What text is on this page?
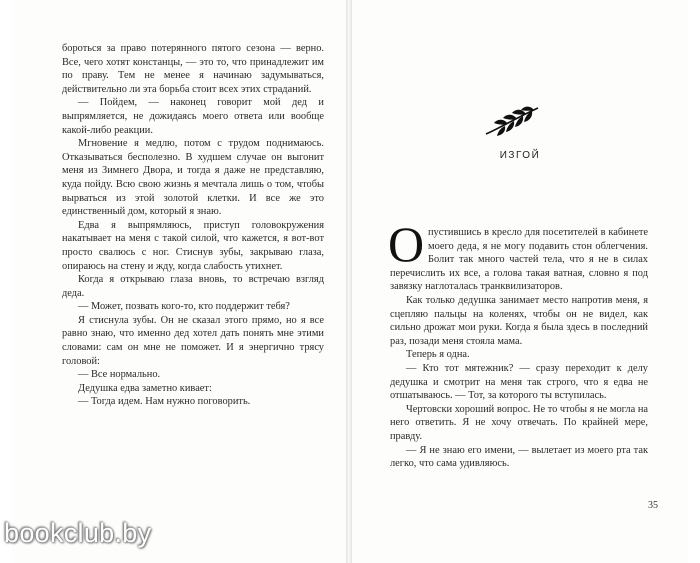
бороться за право потерянного пятого сезона — верно. Все, чего хотят констанцы, — это то, что принадлежит им по праву. Тем не менее я начинаю задумываться, действительно ли эта борьба стоит всех этих страданий.

— Пойдем, — наконец говорит мой дед и выпрямляется, не дожидаясь моего ответа или вообще какой-либо реакции.

Мгновение я медлю, потом с трудом поднимаюсь. Отказываться бесполезно. В худшем случае он выгонит меня из Зимнего Двора, и тогда я даже не представляю, куда пойду. Всю свою жизнь я мечтала лишь о том, чтобы вырваться из этой золотой клетки. И все же это единственный дом, который я знаю.

Едва я выпрямляюсь, приступ головокружения накатывает на меня с такой силой, что кажется, я вот-вот просто свалюсь с ног. Стиснув зубы, закрываю глаза, опираюсь на стену и жду, когда слабость утихнет.

Когда я открываю глаза вновь, то встречаю взгляд деда.

— Может, позвать кого-то, кто поддержит тебя?

Я стиснула зубы. Он не сказал этого прямо, но я все равно знаю, что именно дед хотел дать понять мне этими словами: сам он мне не поможет. И я энергично трясу головой:

— Все нормально.

Дедушка едва заметно кивает:

— Тогда идем. Нам нужно поговорить.

ИЗГОЙ

О пустившись в кресло для посетителей в кабинете моего деда, я не могу подавить стон облегчения. Болит так много частей тела, что я не в силах перечислить их все, а голова такая ватная, словно я под завязку наглоталась транквилизаторов.

Как только дедушка занимает место напротив меня, я сцепляю пальцы на коленях, чтобы он не видел, как сильно дрожат мои руки. Когда я была здесь в последний раз, позади меня стояла мама.

Теперь я одна.

— Кто тот мятежник? — сразу переходит к делу дедушка и смотрит на меня так строго, что я едва не отшатываюсь. — Тот, за которого ты вступилась.

Чертовски хороший вопрос. Не то чтобы я не могла на него ответить. Я не хочу отвечать. По крайней мере, правду.

— Я не знаю его имени, — вылетает из моего рта так легко, что сама удивляюсь.

35
bookclub.by
